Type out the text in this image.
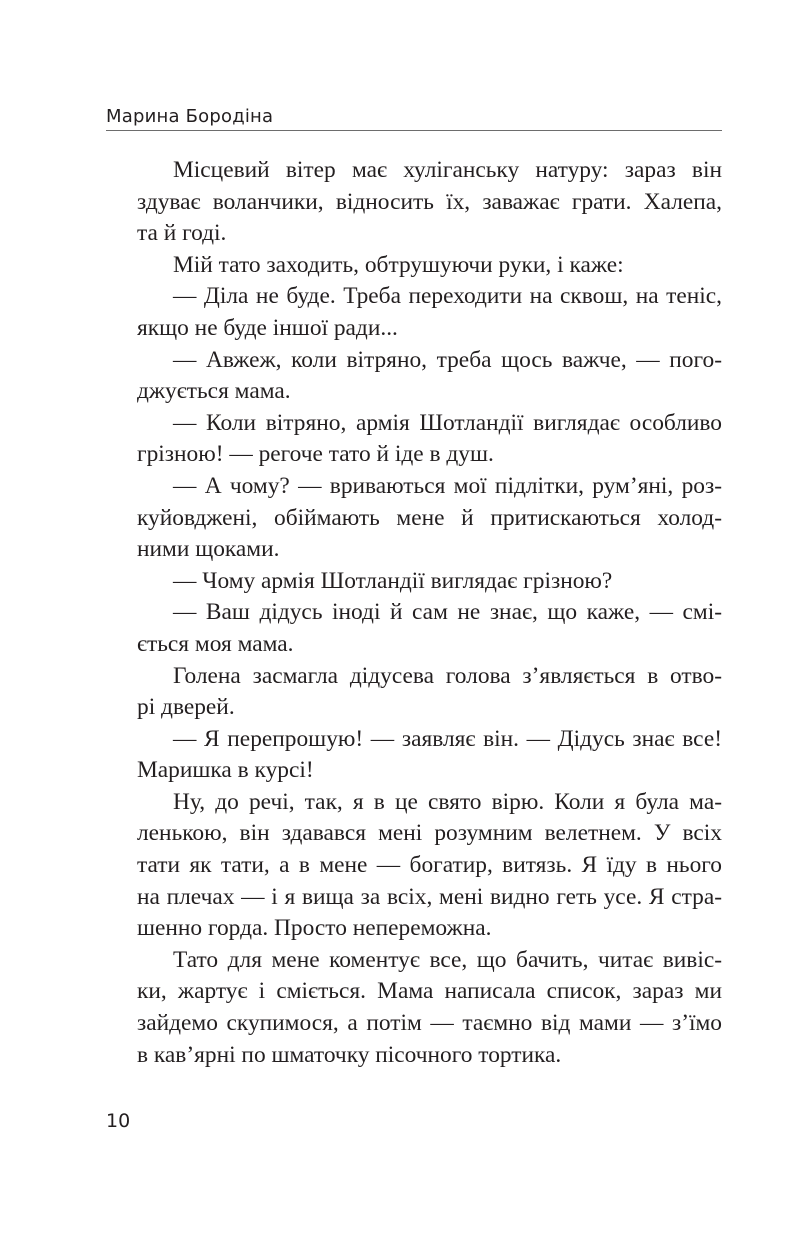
Марина Бородіна
Місцевий вітер має хуліганську натуру: зараз він
здуває воланчики, відносить їх, заважає грати. Халепа,
та й годі.
Мій тато заходить, обтрушуючи руки, і каже:
— Діла не буде. Треба переходити на сквош, на теніс,
якщо не буде іншої ради...
— Авжеж, коли вітряно, треба щось важче, — пого-
джується мама.
— Коли вітряно, армія Шотландії виглядає особливо
грізною! — регоче тато й іде в душ.
— А чому? — вриваються мої підлітки, рум’яні, роз-
куйовджені, обіймають мене й притискаються холод-
ними щоками.
— Чому армія Шотландії виглядає грізною?
— Ваш дідусь іноді й сам не знає, що каже, — смі-
ється моя мама.
Голена засмагла дідусева голова з’являється в отво-
рі дверей.
— Я перепрошую! — заявляє він. — Дідусь знає все!
Маришка в курсі!
Ну, до речі, так, я в це свято вірю. Коли я була ма-
ленькою, він здавався мені розумним велетнем. У всіх
тати як тати, а в мене — богатир, витязь. Я їду в нього
на плечах — і я вища за всіх, мені видно геть усе. Я стра-
шенно горда. Просто непереможна.
Тато для мене коментує все, що бачить, читає вивіс-
ки, жартує і сміється. Мама написала список, зараз ми
зайдемо скупимося, а потім — таємно від мами — з’їмо
в кав’ярні по шматочку пісочного тортика.
10
